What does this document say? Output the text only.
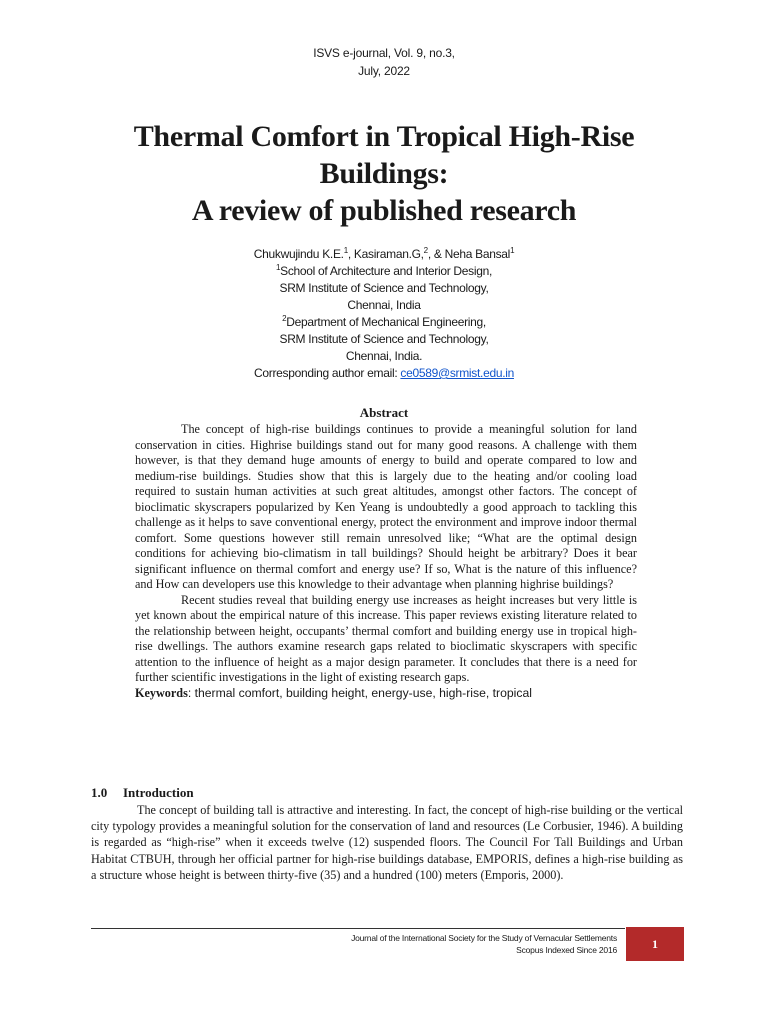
ISVS e-journal, Vol. 9, no.3,
July, 2022
Thermal Comfort in Tropical High-Rise
Buildings:
A review of published research
Chukwujindu K.E.$^1$, Kasiraman.G,$^2$, & Neha Bansal$^1$
$^1$School of Architecture and Interior Design,
SRM Institute of Science and Technology,
Chennai, India
$^2$Department of Mechanical Engineering,
SRM Institute of Science and Technology,
Chennai, India.
Corresponding author email: ce0589@srmist.edu.in
Abstract

The concept of high-rise buildings continues to provide a meaningful solution for land conservation in cities. Highrise buildings stand out for many good reasons. A challenge with them however, is that they demand huge amounts of energy to build and operate compared to low and medium-rise buildings. Studies show that this is largely due to the heating and/or cooling load required to sustain human activities at such great altitudes, amongst other factors. The concept of bioclimatic skyscrapers popularized by Ken Yeang is undoubtedly a good approach to tackling this challenge as it helps to save conventional energy, protect the environment and improve indoor thermal comfort. Some questions however still remain unresolved like; “What are the optimal design conditions for achieving bio-climatism in tall buildings? Should height be arbitrary? Does it bear significant influence on thermal comfort and energy use? If so, What is the nature of this influence? and How can developers use this knowledge to their advantage when planning highrise buildings?

Recent studies reveal that building energy use increases as height increases but very little is yet known about the empirical nature of this increase. This paper reviews existing literature related to the relationship between height, occupants’ thermal comfort and building energy use in tropical high-rise dwellings. The authors examine research gaps related to bioclimatic skyscrapers with specific attention to the influence of height as a major design parameter. It concludes that there is a need for further scientific investigations in the light of existing research gaps.

Keywords: thermal comfort, building height, energy-use, high-rise, tropical
1.0 Introduction

The concept of building tall is attractive and interesting. In fact, the concept of high-rise building or the vertical city typology provides a meaningful solution for the conservation of land and resources (Le Corbusier, 1946). A building is regarded as “high-rise” when it exceeds twelve (12) suspended floors. The Council For Tall Buildings and Urban Habitat CTBUH, through her official partner for high-rise buildings database, EMPORIS, defines a high-rise building as a structure whose height is between thirty-five (35) and a hundred (100) meters (Emporis, 2000).

Journal of the International Society for the Study of Vernacular Settlements
Scopus Indexed Since 2016	1
